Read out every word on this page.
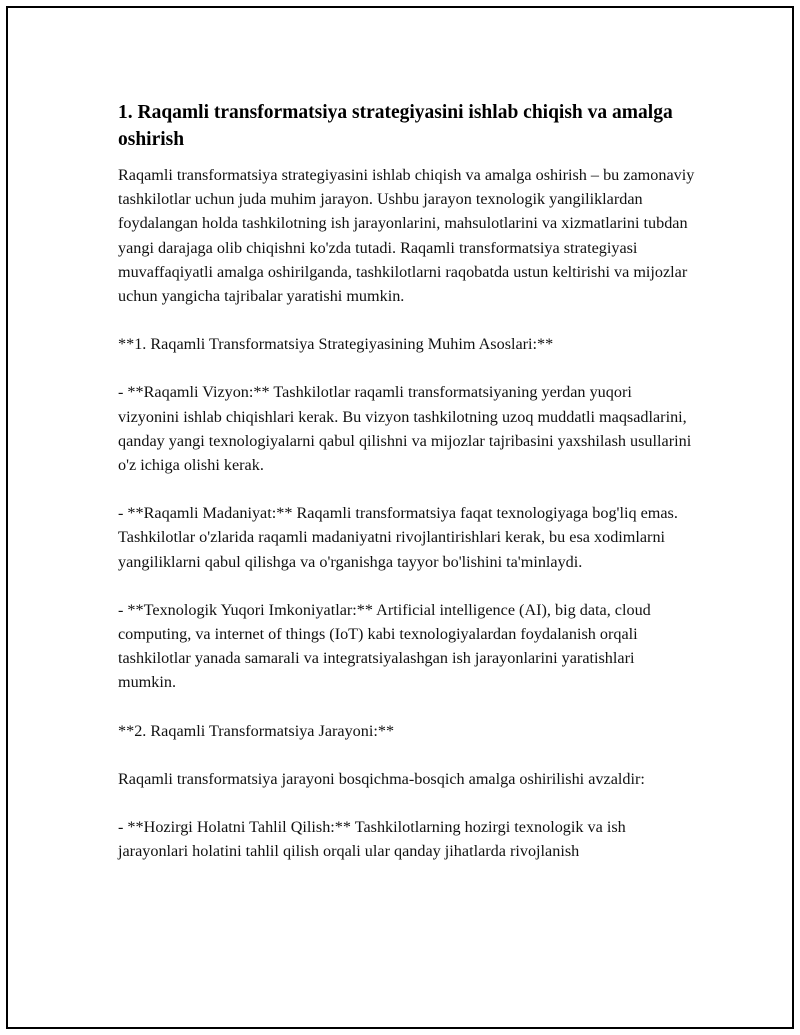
1. Raqamli transformatsiya strategiyasini ishlab chiqish va amalga oshirish

Raqamli transformatsiya strategiyasini ishlab chiqish va amalga oshirish – bu zamonaviy tashkilotlar uchun juda muhim jarayon. Ushbu jarayon texnologik yangiliklardan foydalangan holda tashkilotning ish jarayonlarini, mahsulotlarini va xizmatlarini tubdan yangi darajaga olib chiqishni ko'zda tutadi. Raqamli transformatsiya strategiyasi muvaffaqiyatli amalga oshirilganda, tashkilotlarni raqobatda ustun keltirishi va mijozlar uchun yangicha tajribalar yaratishi mumkin.

**1. Raqamli Transformatsiya Strategiyasining Muhim Asoslari:**

- **Raqamli Vizyon:** Tashkilotlar raqamli transformatsiyaning yerdan yuqori vizyonini ishlab chiqishlari kerak. Bu vizyon tashkilotning uzoq muddatli maqsadlarini, qanday yangi texnologiyalarni qabul qilishni va mijozlar tajribasini yaxshilash usullarini o'z ichiga olishi kerak.

- **Raqamli Madaniyat:** Raqamli transformatsiya faqat texnologiyaga bog'liq emas. Tashkilotlar o'zlarida raqamli madaniyatni rivojlantirishlari kerak, bu esa xodimlarni yangiliklarni qabul qilishga va o'rganishga tayyor bo'lishini ta'minlaydi.

- **Texnologik Yuqori Imkoniyatlar:** Artificial intelligence (AI), big data, cloud computing, va internet of things (IoT) kabi texnologiyalardan foydalanish orqali tashkilotlar yanada samarali va integratsiyalashgan ish jarayonlarini yaratishlari mumkin.

**2. Raqamli Transformatsiya Jarayoni:**

Raqamli transformatsiya jarayoni bosqichma-bosqich amalga oshirilishi avzaldir:

- **Hozirgi Holatni Tahlil Qilish:** Tashkilotlarning hozirgi texnologik va ish jarayonlari holatini tahlil qilish orqali ular qanday jihatlarda rivojlanish
